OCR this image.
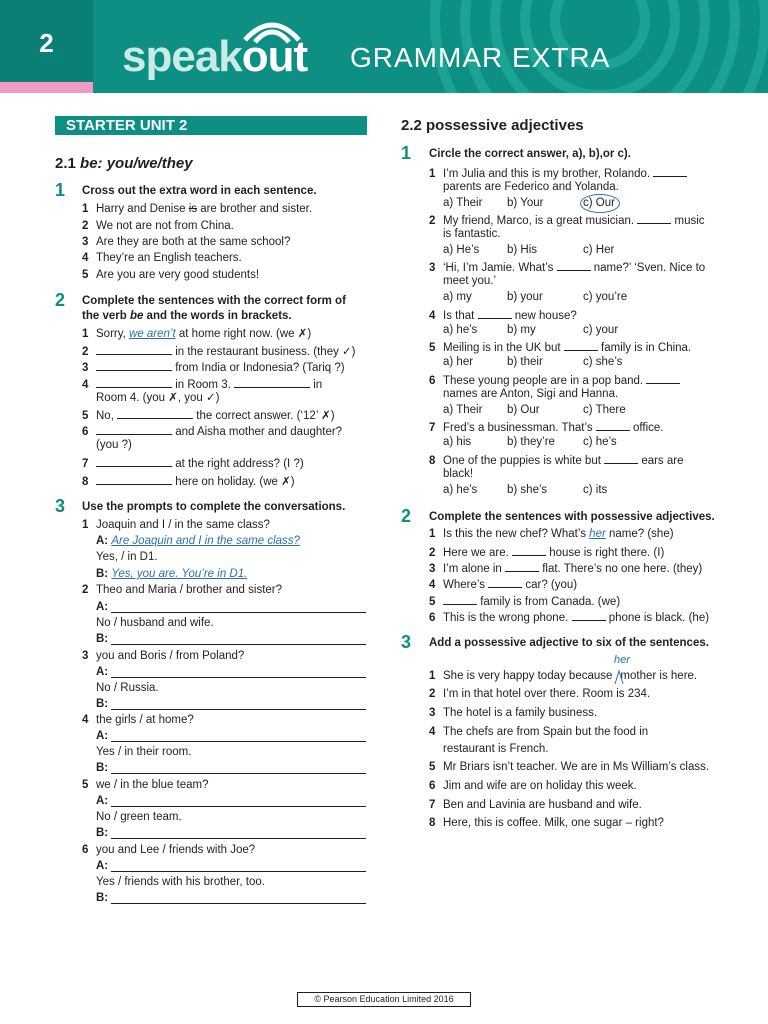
2	speakout GRAMMAR EXTRA
STARTER UNIT 2
2.1 be: you/we/they
1 Cross out the extra word in each sentence.
1 Harry and Denise is are brother and sister.
2 We not are not from China.
3 Are they are both at the same school?
4 They’re an English teachers.
5 Are you are very good students!
2 Complete the sentences with the correct form of
the verb be and the words in brackets.
1 Sorry, we aren’t at home right now. (we ✗)
2	in the restaurant business. (they ✓)
3	from India or Indonesia? (Tariq ?)
4	in Room 3.	in
Room 4. (you ✗, you ✓)
5 No,	the correct answer. (‘12’ ✗)
6	and Aisha mother and daughter?
(you ?)
7	at the right address? (I ?)
8	here on holiday. (we ✗)
3 Use the prompts to complete the conversations.
1 Joaquin and I / in the same class?
A: Are Joaquin and I in the same class?
Yes, / in D1.
B: Yes, you are. You’re in D1.
2 Theo and Maria / brother and sister?
A:
No / husband and wife.
B:
3 you and Boris / from Poland?
A:
No / Russia.
B:
4 the girls / at home?
A:
Yes / in their room.
B:
5 we / in the blue team?
A:
No / green team.
B:
6 you and Lee / friends with Joe?
A:
Yes / friends with his brother, too.
B:
2.2 possessive adjectives
1 Circle the correct answer, a), b),or c).
1 I’m Julia and this is my brother, Rolando.
parents are Federico and Yolanda.
a) Their b) Your	c) Our
2 My friend, Marco, is a great musician.	music
is fantastic.
a) He’s b) His	c) Her
3 ‘Hi, I’m Jamie. What’s	name?’ ‘Sven. Nice to
meet you.’
a) my	b) your	c) you’re
4 Is that	new house?
a) he’s	b) my	c) your
5 Meiling is in the UK but	family is in China.
a) her	b) their	c) she’s
6 These young people are in a pop band.
names are Anton, Sigi and Hanna.
a) Their b) Our	c) There
7 Fred’s a businessman. That’s	office.
a) his	b) they’re c) he’s
8 One of the puppies is white but	ears are
black!
a) he’s	b) she’s	c) its
2 Complete the sentences with possessive adjectives.
1 Is this the new chef? What’s her name? (she)
2 Here we are.	house is right there. (I)
3 I’m alone in	flat. There’s no one here. (they)
4 Where’s	car? (you)
5	family is from Canada. (we)
6 This is the wrong phone.	phone is black. (he)
3 Add a possessive adjective to six of the sentences.
her
1 She is very happy today because mother is here.
2 I’m in that hotel over there. Room is 234.
3 The hotel is a family business.
4 The chefs are from Spain but the food in
restaurant is French.
5 Mr Briars isn’t teacher. We are in Ms William’s class.
6 Jim and wife are on holiday this week.
7 Ben and Lavinia are husband and wife.
8 Here, this is coffee. Milk, one sugar – right?
© Pearson Education Limited 2016
